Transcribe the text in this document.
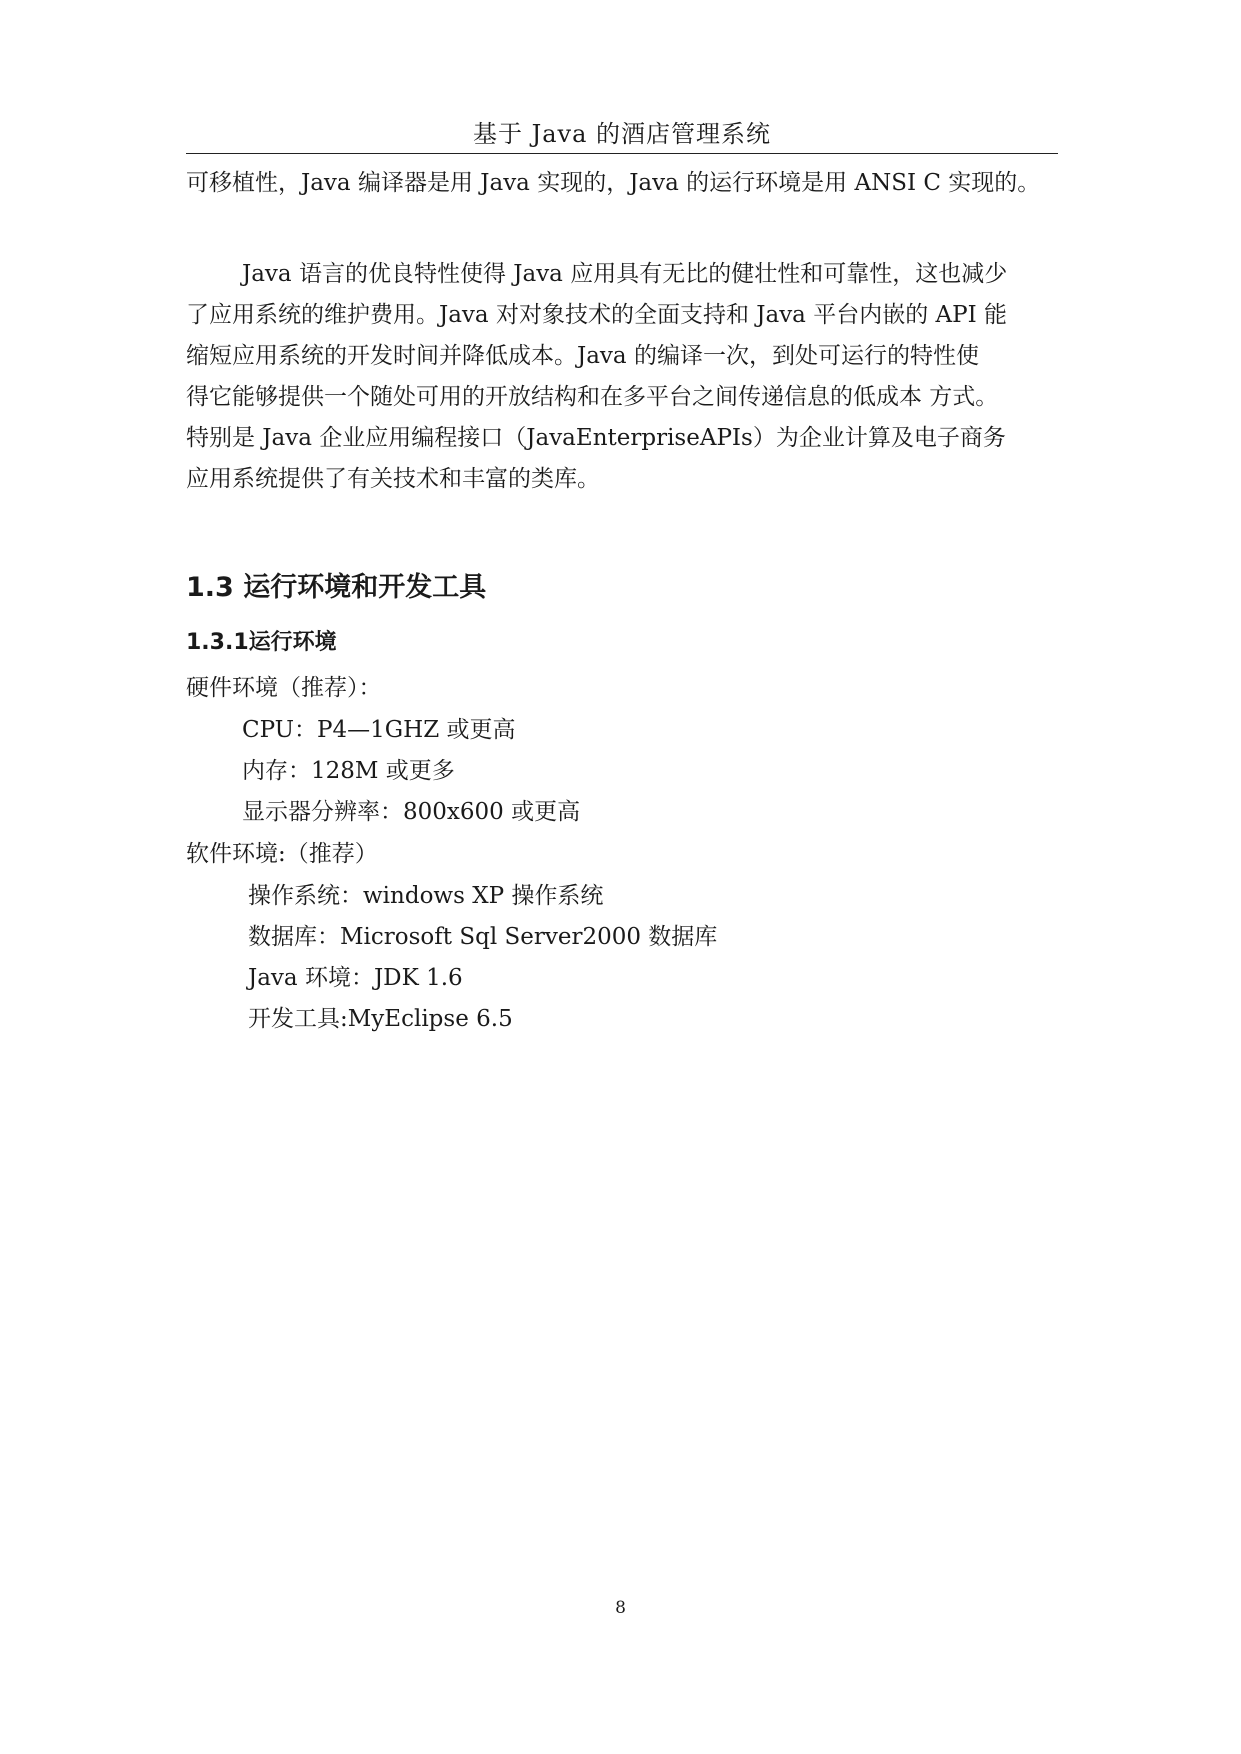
基于 Java 的酒店管理系统
可移植性，Java 编译器是用 Java 实现的，Java 的运行环境是用 ANSI C 实现的。
Java 语言的优良特性使得 Java 应用具有无比的健壮性和可靠性，这也减少
了应用系统的维护费用。Java 对对象技术的全面支持和 Java 平台内嵌的 API 能
缩短应用系统的开发时间并降低成本。Java 的编译一次，到处可运行的特性使
得它能够提供一个随处可用的开放结构和在多平台之间传递信息的低成本 方式。
特别是 Java 企业应用编程接口（JavaEnterpriseAPIs）为企业计算及电子商务
应用系统提供了有关技术和丰富的类库。
1.3 运行环境和开发工具
1.3.1运行环境
硬件环境（推荐）：
CPU：P4—1GHZ 或更高
内存：128M 或更多
显示器分辨率：800x600 或更高
软件环境:（推荐）
操作系统：windows XP 操作系统
数据库：Microsoft Sql Server2000 数据库
Java 环境：JDK 1.6
开发工具:MyEclipse 6.5
8
